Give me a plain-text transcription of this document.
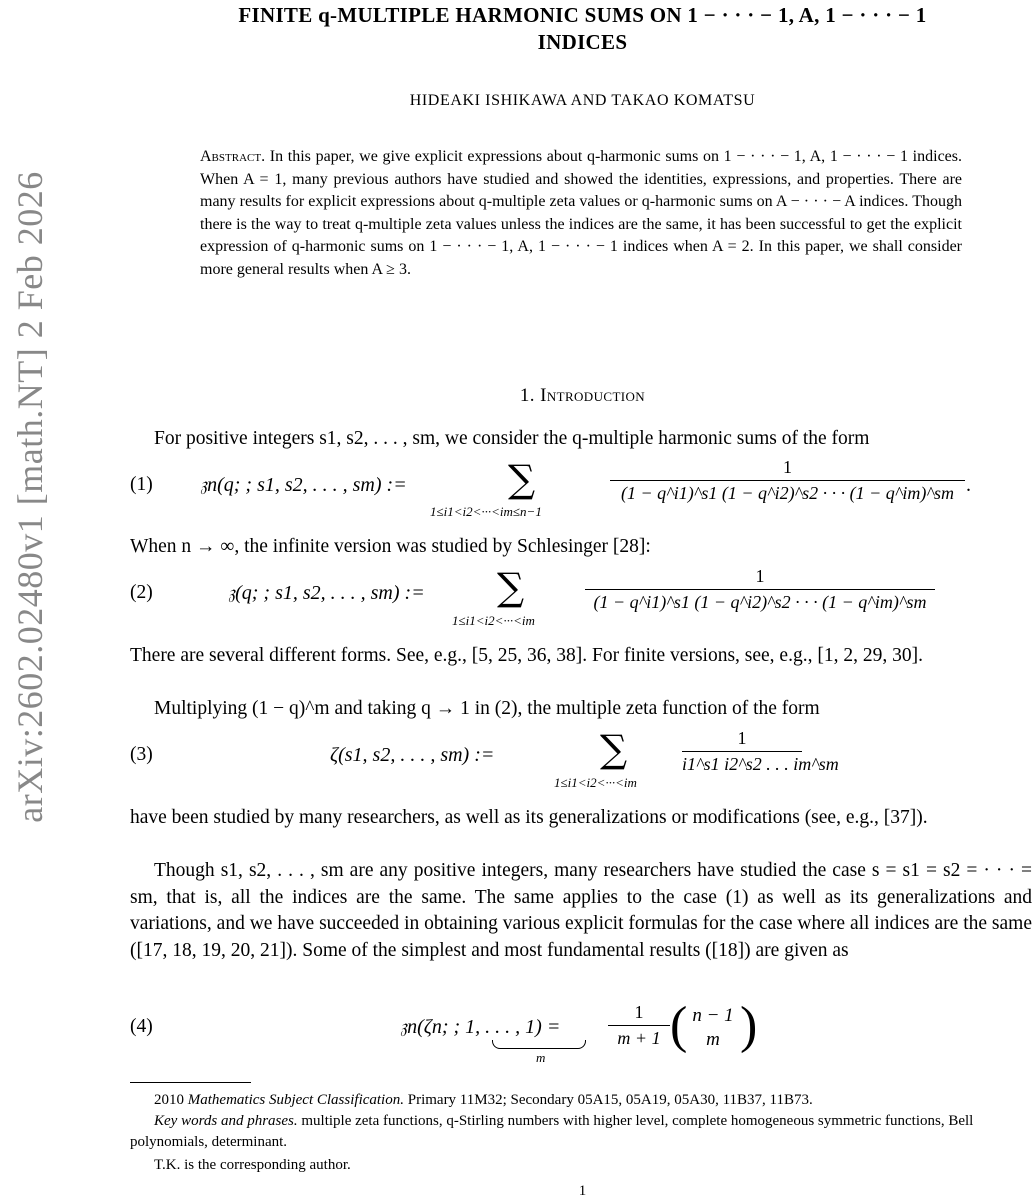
arXiv:2602.02480v1 [math.NT] 2 Feb 2026
FINITE q-MULTIPLE HARMONIC SUMS ON 1 − · · · − 1, A, 1 − · · · − 1
INDICES
HIDEAKI ISHIKAWA AND TAKAO KOMATSU
Abstract. In this paper, we give explicit expressions about q-harmonic sums on 1 − · · · − 1, A, 1 − · · · − 1 indices. When A = 1, many previous authors have studied and showed the identities, expressions, and properties. There are many results for explicit expressions about q-multiple zeta values or q-harmonic sums on A − · · · − A indices. Though there is the way to treat q-multiple zeta values unless the indices are the same, it has been successful to get the explicit expression of q-harmonic sums on 1 − · · · − 1, A, 1 − · · · − 1 indices when A = 2. In this paper, we shall consider more general results when A ≥ 3.
1. Introduction
For positive integers s1, s2, . . . , sm, we consider the q-multiple harmonic sums of the form
(1) 𝔷n(q; ; s1, s2, . . . , sm) :=	∑
1≤i1<i2<···<im≤n−1
$\frac{1}{(1 - q\^{}i1)\^{}s1 (1 - q\^{}i2)\^{}s2 \cdot \cdot \cdot (1 - q\^{}im)\^{}sm}$ .
When n → ∞, the infinite version was studied by Schlesinger [28]:
(2)	𝔷(q; ; s1, s2, . . . , sm) := ∑
1≤i1<i2<···<im
$\frac{1}{(1 - q\^{}i1)\^{}s1 (1 - q\^{}i2)\^{}s2 \cdot \cdot \cdot (1 - q\^{}im)\^{}sm}$
There are several different forms. See, e.g., [5, 25, 36, 38]. For finite versions, see, e.g., [1, 2, 29, 30].
Multiplying (1 − q)^m and taking q → 1 in (2), the multiple zeta function of the form
(3)	ζ(s1, s2, . . . , sm) :=	∑
1≤i1<i2<···<im
$\frac{1}{i1\^{}s1 i2\^{}s2 . . . im\^{}sm}$
have been studied by many researchers, as well as its generalizations or modifications (see, e.g., [37]).
Though s1, s2, . . . , sm are any positive integers, many researchers have studied the case s = s1 = s2 = · · · = sm, that is, all the indices are the same. The same applies to the case (1) as well as its generalizations and variations, and we have succeeded in obtaining various explicit formulas for the case where all indices are the same ([17, 18, 19, 20, 21]). Some of the simplest and most fundamental results ([18]) are given as
(4)	𝔷n(ζn; ; 1, . . . , 1) =
m
$\frac{1}{m + 1}$ ( n − 1
m )
2010 Mathematics Subject Classification. Primary 11M32; Secondary 05A15, 05A19, 05A30, 11B37, 11B73.
Key words and phrases. multiple zeta functions, q-Stirling numbers with higher level, complete homogeneous symmetric functions, Bell polynomials, determinant.
T.K. is the corresponding author.
1
